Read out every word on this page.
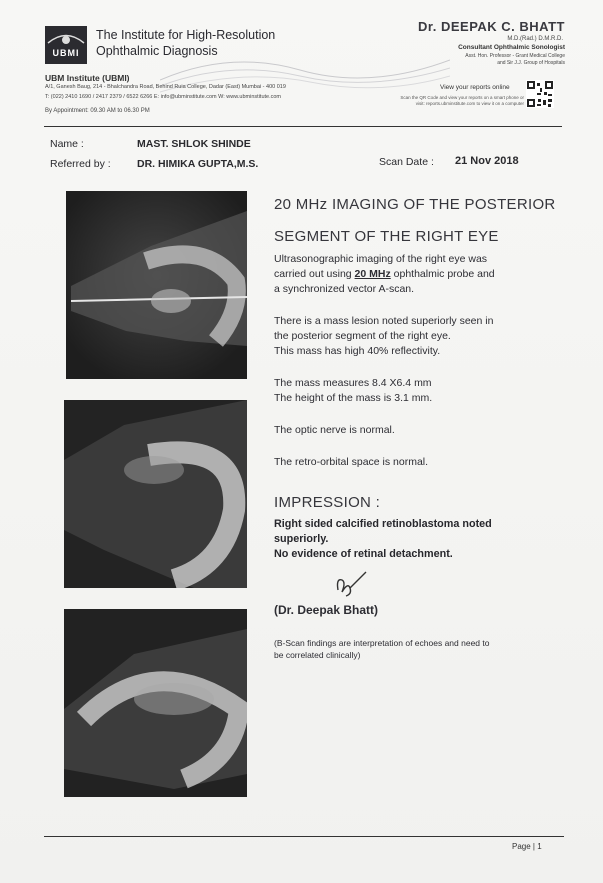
UBMI
The Institute for High-Resolution
Ophthalmic Diagnosis
Dr. DEEPAK C. BHATT
M.D.(Rad.) D.M.R.D.
Consultant Ophthalmic Sonologist
Asst. Hon. Professor - Grant Medical College
and Sir J.J. Group of Hospitals
UBM Institute (UBMI)
A/1, Ganesh Baug, 214 - Bhalchandra Road, Behind Ruia College, Dadar (East) Mumbai - 400 019
T: (022) 2410 1690 / 2417 2379 / 6522 6266 E: info@ubminstitute.com W: www.ubminstitute.com
By Appointment: 09.30 AM to 06.30 PM
View your reports online
Scan the QR Code and view your reports on a smart phone or
visit: reports.ubminstitute.com to view it on a computer
Name :	MAST. SHLOK SHINDE
Referred by :	DR. HIMIKA GUPTA,M.S.	Scan Date : 21 Nov 2018
20 MHz IMAGING OF THE POSTERIOR
SEGMENT OF THE RIGHT EYE
Ultrasonographic imaging of the right eye was
carried out using 20 MHz ophthalmic probe and
a synchronized vector A-scan.
There is a mass lesion noted superiorly seen in
the posterior segment of the right eye.
This mass has high 40% reflectivity.
The mass measures 8.4 X6.4 mm
The height of the mass is 3.1 mm.
The optic nerve is normal.
The retro-orbital space is normal.
IMPRESSION :
Right sided calcified retinoblastoma noted
superiorly.
No evidence of retinal detachment.
(Dr. Deepak Bhatt)
(B-Scan findings are interpretation of echoes and need to
be correlated clinically)
Page | 1
